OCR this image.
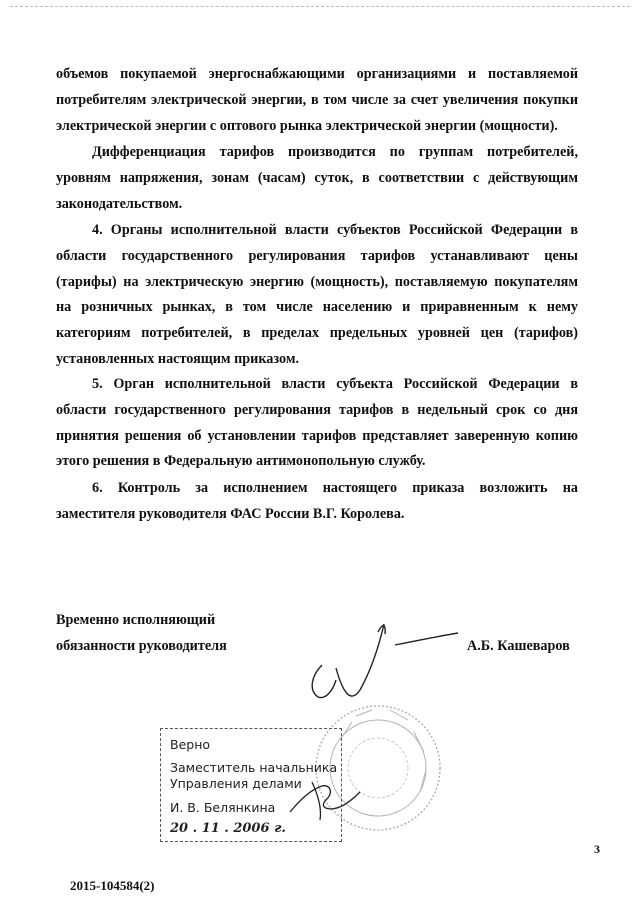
объемов покупаемой энергоснабжающими организациями и поставляемой потребителям электрической энергии, в том числе за счет увеличения покупки электрической энергии с оптового рынка электрической энергии (мощности).

Дифференциация тарифов производится по группам потребителей, уровням напряжения, зонам (часам) суток, в соответствии с действующим законодательством.

4. Органы исполнительной власти субъектов Российской Федерации в области государственного регулирования тарифов устанавливают цены (тарифы) на электрическую энергию (мощность), поставляемую покупателям на розничных рынках, в том числе населению и приравненным к нему категориям потребителей, в пределах предельных уровней цен (тарифов) установленных настоящим приказом.

5. Орган исполнительной власти субъекта Российской Федерации в области государственного регулирования тарифов в недельный срок со дня принятия решения об установлении тарифов представляет заверенную копию этого решения в Федеральную антимонопольную службу.

6. Контроль за исполнением настоящего приказа возложить на заместителя руководителя ФАС России В.Г. Королева.

Временно исполняющий
обязанности руководителя	А.Б. Кашеваров
Верно
Заместитель начальника
Управления делами
И. В. Белянкина
20 . 11 . 2006 г.
3
2015-104584(2)
